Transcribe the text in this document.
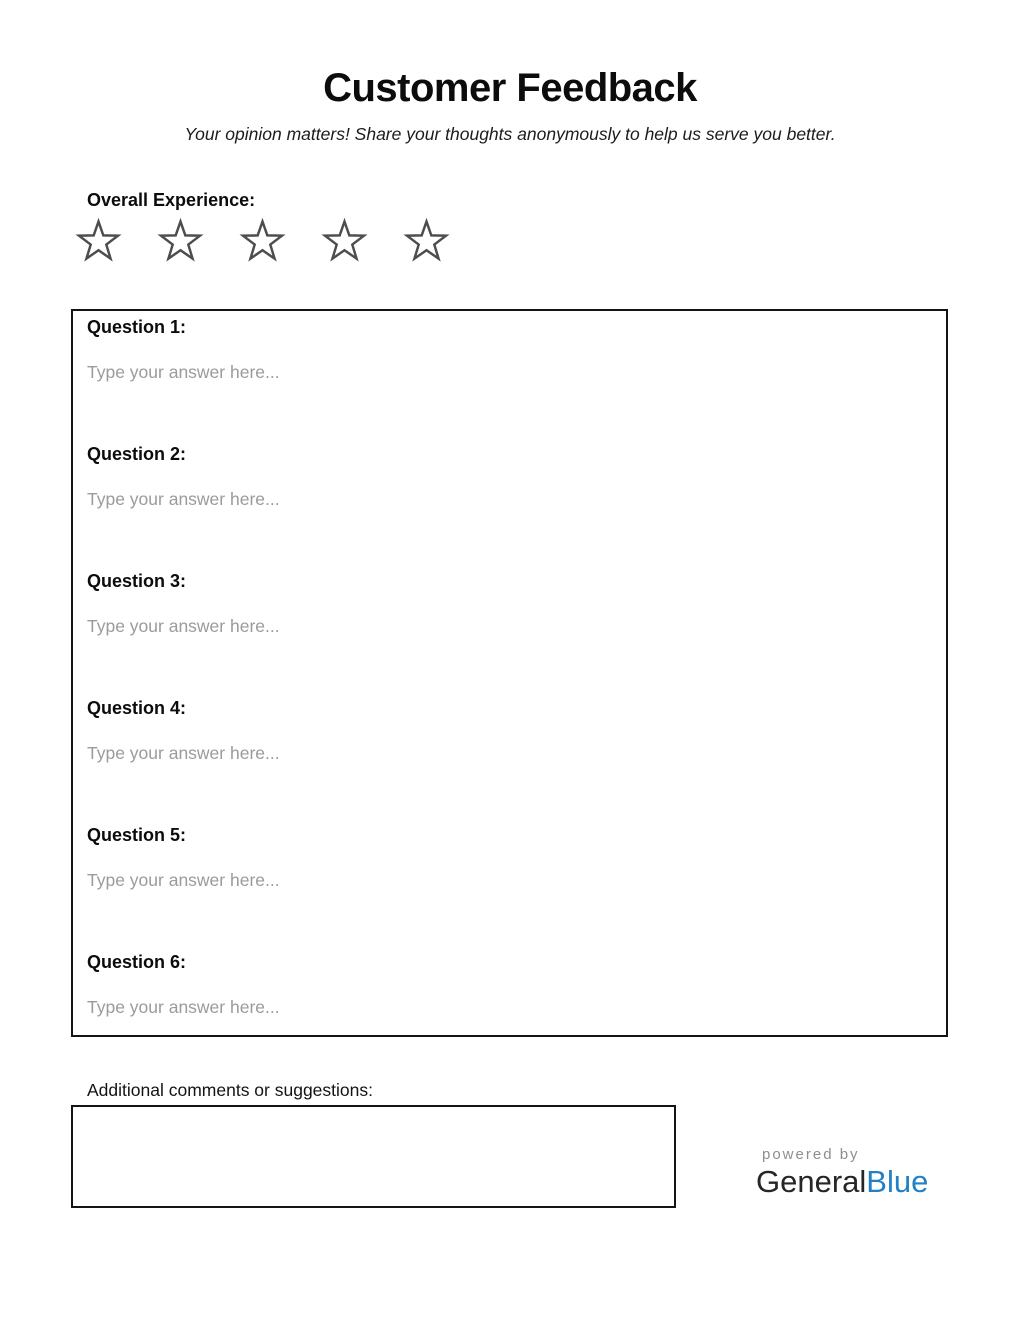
Customer Feedback
Your opinion matters! Share your thoughts anonymously to help us serve you better.
Overall Experience:
Question 1:
Type your answer here...
Question 2:
Type your answer here...
Question 3:
Type your answer here...
Question 4:
Type your answer here...
Question 5:
Type your answer here...
Question 6:
Type your answer here...
Additional comments or suggestions:
powered by
GeneralBlue
